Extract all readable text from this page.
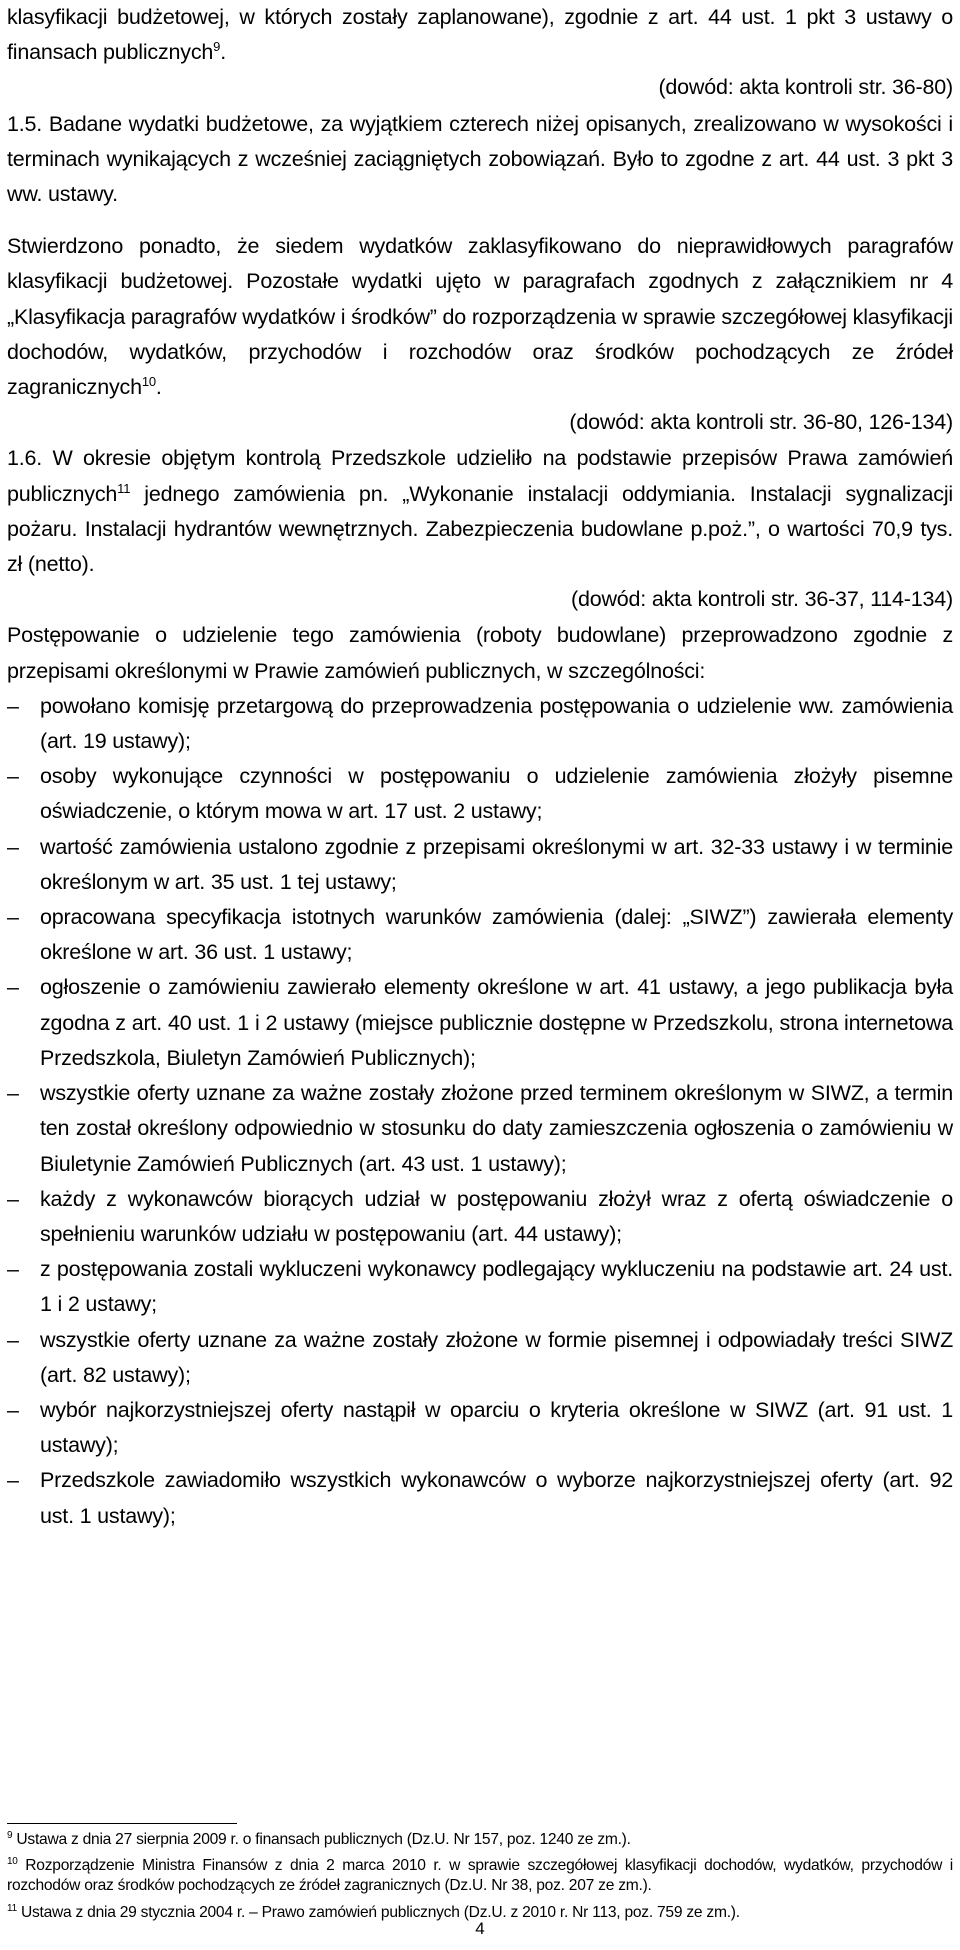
klasyfikacji budżetowej, w których zostały zaplanowane), zgodnie z art. 44 ust. 1 pkt 3 ustawy o finansach publicznych$^9$.

(dowód: akta kontroli str. 36-80)

1.5. Badane wydatki budżetowe, za wyjątkiem czterech niżej opisanych, zrealizowano w wysokości i terminach wynikających z wcześniej zaciągniętych zobowiązań. Było to zgodne z art. 44 ust. 3 pkt 3 ww. ustawy.

Stwierdzono ponadto, że siedem wydatków zaklasyfikowano do nieprawidłowych paragrafów klasyfikacji budżetowej. Pozostałe wydatki ujęto w paragrafach zgodnych z załącznikiem nr 4 „Klasyfikacja paragrafów wydatków i środków” do rozporządzenia w sprawie szczegółowej klasyfikacji dochodów, wydatków, przychodów i rozchodów oraz środków pochodzących ze źródeł zagranicznych$^{10}$.

(dowód: akta kontroli str. 36-80, 126-134)

1.6. W okresie objętym kontrolą Przedszkole udzieliło na podstawie przepisów Prawa zamówień publicznych$^{11}$ jednego zamówienia pn. „Wykonanie instalacji oddymiania. Instalacji sygnalizacji pożaru. Instalacji hydrantów wewnętrznych. Zabezpieczenia budowlane p.poż.”, o wartości 70,9 tys. zł (netto).

(dowód: akta kontroli str. 36-37, 114-134)

Postępowanie o udzielenie tego zamówienia (roboty budowlane) przeprowadzono zgodnie z przepisami określonymi w Prawie zamówień publicznych, w szczególności:

– powołano komisję przetargową do przeprowadzenia postępowania o udzielenie ww. zamówienia (art. 19 ustawy);
– osoby wykonujące czynności w postępowaniu o udzielenie zamówienia złożyły pisemne oświadczenie, o którym mowa w art. 17 ust. 2 ustawy;
– wartość zamówienia ustalono zgodnie z przepisami określonymi w art. 32-33 ustawy i w terminie określonym w art. 35 ust. 1 tej ustawy;
– opracowana specyfikacja istotnych warunków zamówienia (dalej: „SIWZ”) zawierała elementy określone w art. 36 ust. 1 ustawy;
– ogłoszenie o zamówieniu zawierało elementy określone w art. 41 ustawy, a jego publikacja była zgodna z art. 40 ust. 1 i 2 ustawy (miejsce publicznie dostępne w Przedszkolu, strona internetowa Przedszkola, Biuletyn Zamówień Publicznych);
– wszystkie oferty uznane za ważne zostały złożone przed terminem określonym w SIWZ, a termin ten został określony odpowiednio w stosunku do daty zamieszczenia ogłoszenia o zamówieniu w Biuletynie Zamówień Publicznych (art. 43 ust. 1 ustawy);
– każdy z wykonawców biorących udział w postępowaniu złożył wraz z ofertą oświadczenie o spełnieniu warunków udziału w postępowaniu (art. 44 ustawy);
– z postępowania zostali wykluczeni wykonawcy podlegający wykluczeniu na podstawie art. 24 ust. 1 i 2 ustawy;
– wszystkie oferty uznane za ważne zostały złożone w formie pisemnej i odpowiadały treści SIWZ (art. 82 ustawy);
– wybór najkorzystniejszej oferty nastąpił w oparciu o kryteria określone w SIWZ (art. 91 ust. 1 ustawy);
– Przedszkole zawiadomiło wszystkich wykonawców o wyborze najkorzystniejszej oferty (art. 92 ust. 1 ustawy);

$^9$ Ustawa z dnia 27 sierpnia 2009 r. o finansach publicznych (Dz.U. Nr 157, poz. 1240 ze zm.).

$^{10}$ Rozporządzenie Ministra Finansów z dnia 2 marca 2010 r. w sprawie szczegółowej klasyfikacji dochodów, wydatków, przychodów i rozchodów oraz środków pochodzących ze źródeł zagranicznych (Dz.U. Nr 38, poz. 207 ze zm.).

$^{11}$ Ustawa z dnia 29 stycznia 2004 r. – Prawo zamówień publicznych (Dz.U. z 2010 r. Nr 113, poz. 759 ze zm.).

4
